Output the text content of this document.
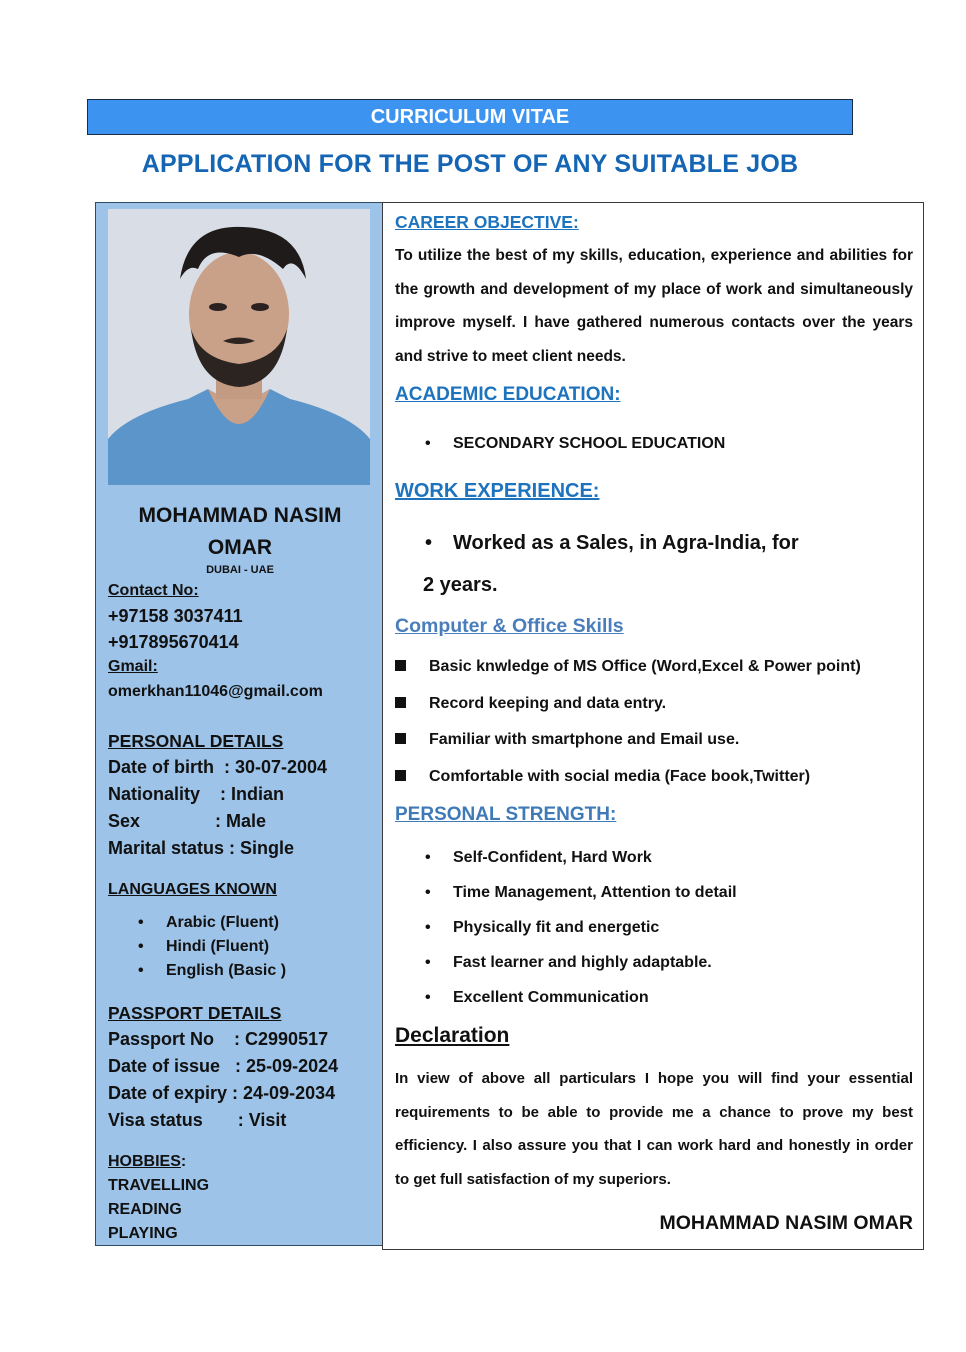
CURRICULUM VITAE
APPLICATION FOR THE POST OF ANY SUITABLE JOB
MOHAMMAD NASIM
OMAR
DUBAI - UAE
Contact No:
+97158 3037411
+917895670414
Gmail:
omerkhan11046@gmail.com
PERSONAL DETAILS
Date of birth : 30-07-2004
Nationality : Indian
Sex : Male
Marital status : Single
LANGUAGES KNOWN
•	Arabic (Fluent)
•	Hindi (Fluent)
•	English (Basic )
PASSPORT DETAILS
Passport No : C2990517
Date of issue : 25-09-2024
Date of expiry : 24-09-2034
Visa status : Visit
HOBBIES:
TRAVELLING
READING
PLAYING
CAREER OBJECTIVE:
To utilize the best of my skills, education, experience and abilities for the growth and development of my place of work and simultaneously improve myself. I have gathered numerous contacts over the years and strive to meet client needs.
ACADEMIC EDUCATION:
•	SECONDARY SCHOOL EDUCATION
WORK EXPERIENCE:
•	Worked as a Sales, in Agra-India, for
2 years.
Computer & Office Skills
Basic knwledge of MS Office (Word,Excel & Power point)
Record keeping and data entry.
Familiar with smartphone and Email use.
Comfortable with social media (Face book,Twitter)
PERSONAL STRENGTH:
•	Self-Confident, Hard Work
•	Time Management, Attention to detail
•	Physically fit and energetic
•	Fast learner and highly adaptable.
•	Excellent Communication
Declaration
In view of above all particulars I hope you will find your essential requirements to be able to provide me a chance to prove my best efficiency. I also assure you that I can work hard and honestly in order to get full satisfaction of my superiors.
MOHAMMAD NASIM OMAR
